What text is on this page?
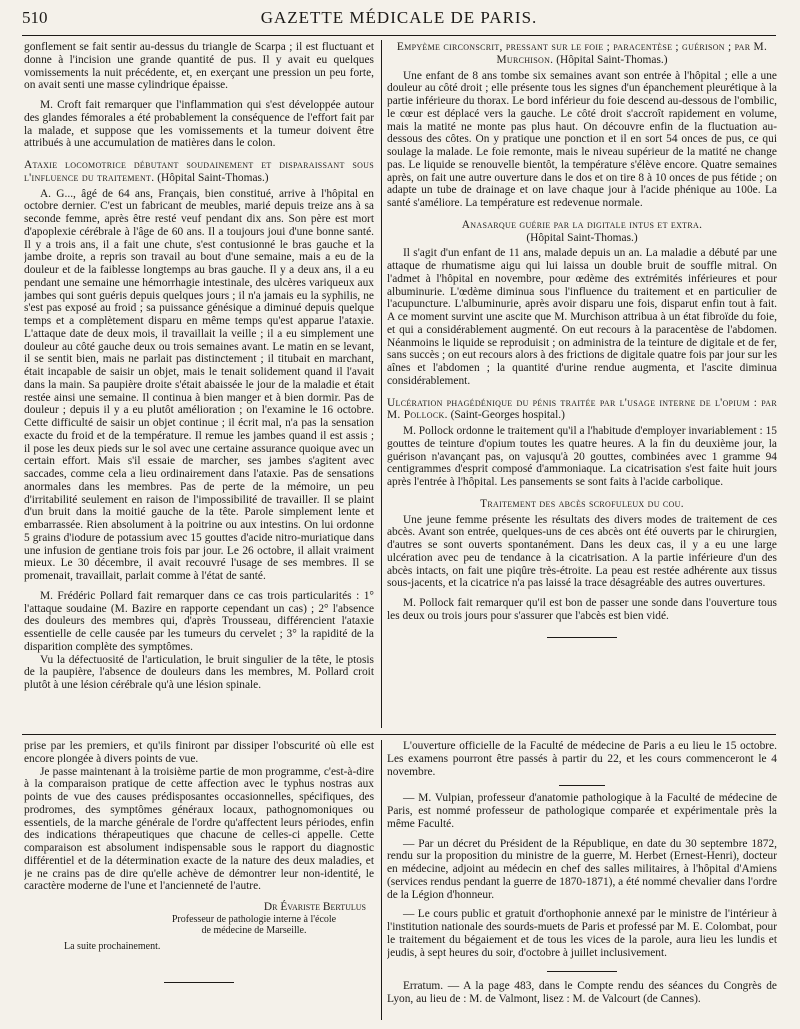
510	GAZETTE MÉDICALE DE PARIS.

gonflement se fait sentir au-dessus du triangle de Scarpa ; il est fluctuant et donne à l'incision une grande quantité de pus. Il y avait eu quelques vomissements la nuit précédente, et, en exerçant une pression un peu forte, on avait senti une masse cylindrique épaisse.

M. Croft fait remarquer que l'inflammation qui s'est développée autour des glandes fémorales a été probablement la conséquence de l'effort fait par la malade, et suppose que les vomissements et la tumeur doivent être attribués à une accumulation de matières dans le colon.

Ataxie locomotrice débutant soudainement et disparaissant sous l'influence du traitement. (Hôpital Saint-Thomas.)

A. G..., âgé de 64 ans, Français, bien constitué, arrive à l'hôpital en octobre dernier. C'est un fabricant de meubles, marié depuis treize ans à sa seconde femme, après être resté veuf pendant dix ans. Son père est mort d'apoplexie cérébrale à l'âge de 60 ans. Il a toujours joui d'une bonne santé. Il y a trois ans, il a fait une chute, s'est contusionné le bras gauche et la jambe droite, a repris son travail au bout d'une semaine, mais a eu de la douleur et de la faiblesse longtemps au bras gauche. Il y a deux ans, il a eu pendant une semaine une hémorrhagie intestinale, des ulcères variqueux aux jambes qui sont guéris depuis quelques jours ; il n'a jamais eu la syphilis, ne s'est pas exposé au froid ; sa puissance génésique a diminué depuis quelque temps et a complètement disparu en même temps qu'est apparue l'ataxie. L'attaque date de deux mois, il travaillait la veille ; il a eu simplement une douleur au côté gauche deux ou trois semaines avant. Le matin en se levant, il se sentit bien, mais ne parlait pas distinctement ; il titubait en marchant, était incapable de saisir un objet, mais le tenait solidement quand il l'avait dans la main. Sa paupière droite s'était abaissée le jour de la maladie et était restée ainsi une semaine. Il continua à bien manger et à bien dormir. Pas de douleur ; depuis il y a eu plutôt amélioration ; on l'examine le 16 octobre. Cette difficulté de saisir un objet continue ; il écrit mal, n'a pas la sensation exacte du froid et de la température. Il remue les jambes quand il est assis ; il pose les deux pieds sur le sol avec une certaine assurance quoique avec un certain effort. Mais s'il essaie de marcher, ses jambes s'agitent avec saccades, comme cela a lieu ordinairement dans l'ataxie. Pas de sensations anormales dans les membres. Pas de perte de la mémoire, un peu d'irritabilité seulement en raison de l'impossibilité de travailler. Il se plaint d'un bruit dans la moitié gauche de la tête. Parole simplement lente et embarrassée. Rien absolument à la poitrine ou aux intestins. On lui ordonne 5 grains d'iodure de potassium avec 15 gouttes d'acide nitro-muriatique dans une infusion de gentiane trois fois par jour. Le 26 octobre, il allait vraiment mieux. Le 30 décembre, il avait recouvré l'usage de ses membres. Il se promenait, travaillait, parlait comme à l'état de santé.

M. Frédéric Pollard fait remarquer dans ce cas trois particularités : 1° l'attaque soudaine (M. Bazire en rapporte cependant un cas) ; 2° l'absence des douleurs des membres qui, d'après Trousseau, différencient l'ataxie essentielle de celle causée par les tumeurs du cervelet ; 3° la rapidité de la disparition complète des symptômes.

Vu la défectuosité de l'articulation, le bruit singulier de la tête, le ptosis de la paupière, l'absence de douleurs dans les membres, M. Pollard croit plutôt à une lésion cérébrale qu'à une lésion spinale.

Empyème circonscrit, pressant sur le foie ; paracentèse ; guérison ; par M. Murchison. (Hôpital Saint-Thomas.)

Une enfant de 8 ans tombe six semaines avant son entrée à l'hôpital ; elle a une douleur au côté droit ; elle présente tous les signes d'un épanchement pleurétique à la partie inférieure du thorax. Le bord inférieur du foie descend au-dessous de l'ombilic, le cœur est déplacé vers la gauche. Le côté droit s'accroît rapidement en volume, mais la matité ne monte pas plus haut. On découvre enfin de la fluctuation au-dessous des côtes. On y pratique une ponction et il en sort 54 onces de pus, ce qui soulage la malade. Le foie remonte, mais le niveau supérieur de la matité ne change pas. Le liquide se renouvelle bientôt, la température s'élève encore. Quatre semaines après, on fait une autre ouverture dans le dos et on tire 8 à 10 onces de pus fétide ; on adapte un tube de drainage et on lave chaque jour à l'acide phénique au 100e. La santé s'améliore. La température est redevenue normale.

Anasarque guérie par la digitale intus et extra.
(Hôpital Saint-Thomas.)

Il s'agit d'un enfant de 11 ans, malade depuis un an. La maladie a débuté par une attaque de rhumatisme aigu qui lui laissa un double bruit de souffle mitral. On l'admet à l'hôpital en novembre, pour œdème des extrémités inférieures et pour albuminurie. L'œdème diminua sous l'influence du traitement et en particulier de l'acupuncture. L'albuminurie, après avoir disparu une fois, disparut enfin tout à fait. A ce moment survint une ascite que M. Murchison attribua à un état fibroïde du foie, et qui a considérablement augmenté. On eut recours à la paracentèse de l'abdomen. Néanmoins le liquide se reproduisit ; on administra de la teinture de digitale et de fer, sans succès ; on eut recours alors à des frictions de digitale quatre fois par jour sur les aînes et l'abdomen ; la quantité d'urine rendue augmenta, et l'ascite diminua considérablement.

Ulcération phagédénique du pénis traitée par l'usage interne de l'opium : par M. Pollock. (Saint-Georges hospital.)

M. Pollock ordonne le traitement qu'il a l'habitude d'employer invariablement : 15 gouttes de teinture d'opium toutes les quatre heures. A la fin du deuxième jour, la guérison n'avançant pas, on vajusqu'à 20 gouttes, combinées avec 1 gramme 94 centigrammes d'esprit composé d'ammoniaque. La cicatrisation s'est faite huit jours après l'entrée à l'hôpital. Les pansements se sont faits à l'acide carbolique.

Traitement des abcès scrofuleux du cou.

Une jeune femme présente les résultats des divers modes de traitement de ces abcès. Avant son entrée, quelques-uns de ces abcès ont été ouverts par le chirurgien, d'autres se sont ouverts spontanément. Dans les deux cas, il y a eu une large ulcération avec peu de tendance à la cicatrisation. A la partie inférieure d'un des abcès intacts, on fait une piqûre très-étroite. La peau est restée adhérente aux tissus sous-jacents, et la cicatrice n'a pas laissé la trace désagréable des autres ouvertures.

M. Pollock fait remarquer qu'il est bon de passer une sonde dans l'ouverture tous les deux ou trois jours pour s'assurer que l'abcès est bien vidé.

prise par les premiers, et qu'ils finiront par dissiper l'obscurité où elle est encore plongée à divers points de vue.

Je passe maintenant à la troisième partie de mon programme, c'est-à-dire à la comparaison pratique de cette affection avec le typhus nostras aux points de vue des causes prédisposantes occasionnelles, spécifiques, des prodromes, des symptômes généraux locaux, pathognomoniques ou essentiels, de la marche générale de l'ordre qu'affectent leurs périodes, enfin des indications thérapeutiques que chacune de celles-ci appelle. Cette comparaison est absolument indispensable sous le rapport du diagnostic différentiel et de la détermination exacte de la nature des deux maladies, et je ne crains pas de dire qu'elle achève de démontrer leur non-identité, le caractère moderne de l'une et l'ancienneté de l'autre.

Dr Évariste Bertulus
Professeur de pathologie interne à l'école
de médecine de Marseille.
La suite prochainement.

L'ouverture officielle de la Faculté de médecine de Paris a eu lieu le 15 octobre. Les examens pourront être passés à partir du 22, et les cours commenceront le 4 novembre.

— M. Vulpian, professeur d'anatomie pathologique à la Faculté de médecine de Paris, est nommé professeur de pathologique comparée et expérimentale près la même Faculté.

— Par un décret du Président de la République, en date du 30 septembre 1872, rendu sur la proposition du ministre de la guerre, M. Herbet (Ernest-Henri), docteur en médecine, adjoint au médecin en chef des salles militaires, à l'hôpital d'Amiens (services rendus pendant la guerre de 1870-1871), a été nommé chevalier dans l'ordre de la Légion d'honneur.

— Le cours public et gratuit d'orthophonie annexé par le ministre de l'intérieur à l'institution nationale des sourds-muets de Paris et professé par M. E. Colombat, pour le traitement du bégaiement et de tous les vices de la parole, aura lieu les lundis et jeudis, à sept heures du soir, d'octobre à juillet inclusivement.

Erratum. — A la page 483, dans le Compte rendu des séances du Congrès de Lyon, au lieu de : M. de Valmont, lisez : M. de Valcourt (de Cannes).
